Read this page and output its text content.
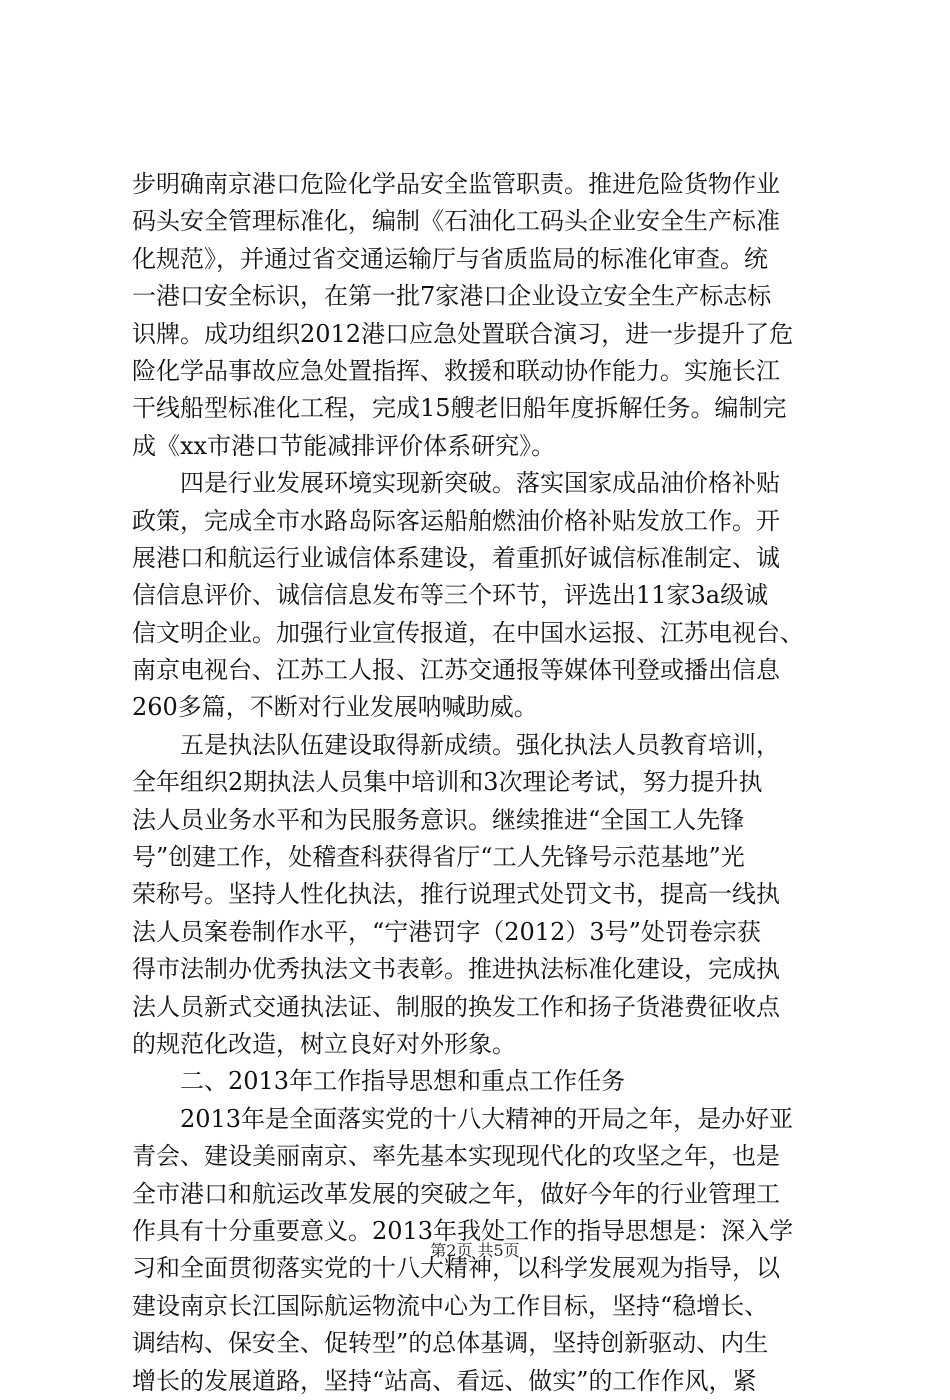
步明确南京港口危险化学品安全监管职责。推进危险货物作业
码头安全管理标准化，编制《石油化工码头企业安全生产标准
化规范》，并通过省交通运输厅与省质监局的标准化审查。统
一港口安全标识，在第一批7家港口企业设立安全生产标志标
识牌。成功组织2012港口应急处置联合演习，进一步提升了危
险化学品事故应急处置指挥、救援和联动协作能力。实施长江
干线船型标准化工程，完成15艘老旧船年度拆解任务。编制完
成《xx市港口节能减排评价体系研究》。
　　四是行业发展环境实现新突破。落实国家成品油价格补贴
政策，完成全市水路岛际客运船舶燃油价格补贴发放工作。开
展港口和航运行业诚信体系建设，着重抓好诚信标准制定、诚
信信息评价、诚信信息发布等三个环节，评选出11家3a级诚
信文明企业。加强行业宣传报道，在中国水运报、江苏电视台、
南京电视台、江苏工人报、江苏交通报等媒体刊登或播出信息
260多篇，不断对行业发展呐喊助威。
　　五是执法队伍建设取得新成绩。强化执法人员教育培训，
全年组织2期执法人员集中培训和3次理论考试，努力提升执
法人员业务水平和为民服务意识。继续推进“全国工人先锋
号”创建工作，处稽查科获得省厅“工人先锋号示范基地”光
荣称号。坚持人性化执法，推行说理式处罚文书，提高一线执
法人员案卷制作水平，“宁港罚字（2012）3号”处罚卷宗获
得市法制办优秀执法文书表彰。推进执法标准化建设，完成执
法人员新式交通执法证、制服的换发工作和扬子货港费征收点
的规范化改造，树立良好对外形象。
　　二、2013年工作指导思想和重点工作任务
　　2013年是全面落实党的十八大精神的开局之年，是办好亚
青会、建设美丽南京、率先基本实现现代化的攻坚之年，也是
全市港口和航运改革发展的突破之年，做好今年的行业管理工
作具有十分重要意义。2013年我处工作的指导思想是：深入学
习和全面贯彻落实党的十八大精神，以科学发展观为指导，以
建设南京长江国际航运物流中心为工作目标，坚持“稳增长、
调结构、保安全、促转型”的总体基调，坚持创新驱动、内生
增长的发展道路，坚持“站高、看远、做实”的工作作风，紧
第2页 共5页
